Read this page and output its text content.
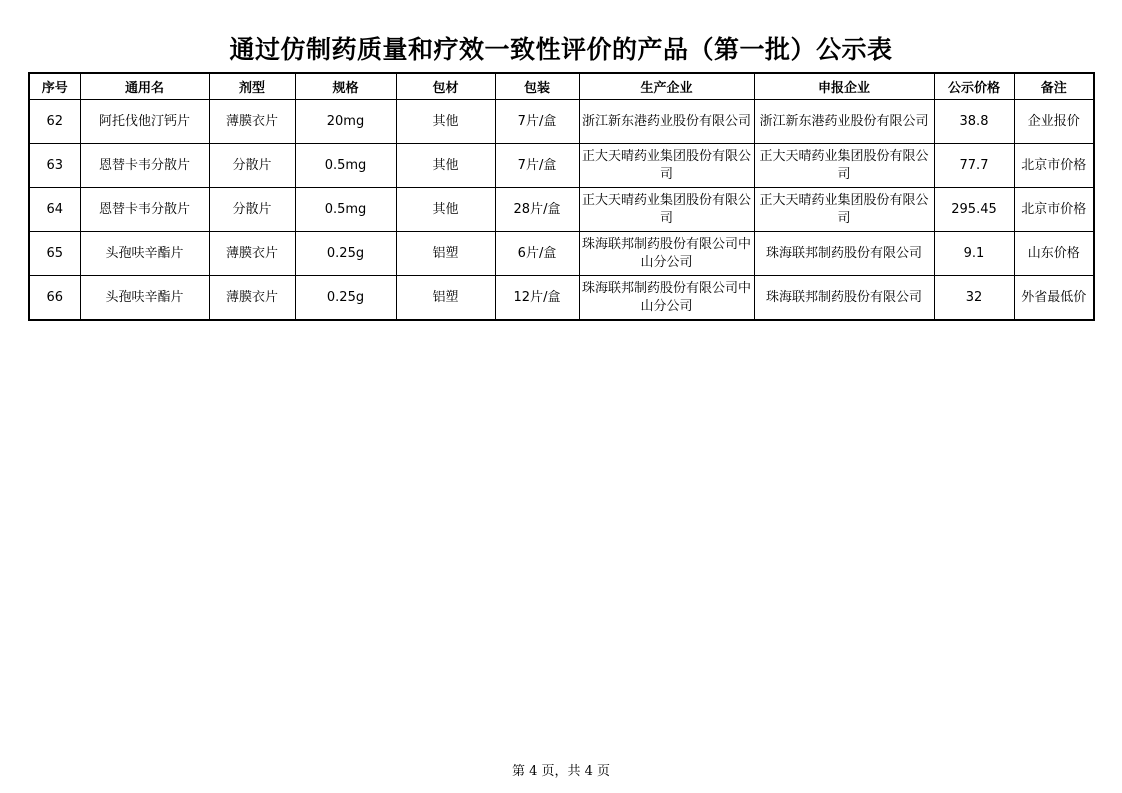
通过仿制药质量和疗效一致性评价的产品（第一批）公示表
序号	通用名	剂型	规格	包材	包装	生产企业	申报企业	公示价格	备注
62	阿托伐他汀钙片	薄膜衣片	20mg	其他	7片/盒	浙江新东港药业股份有限公司	浙江新东港药业股份有限公司	38.8	企业报价
63	恩替卡韦分散片	分散片	0.5mg	其他	7片/盒	正大天晴药业集团股份有限公司	正大天晴药业集团股份有限公司	77.7	北京市价格
64	恩替卡韦分散片	分散片	0.5mg	其他	28片/盒	正大天晴药业集团股份有限公司	正大天晴药业集团股份有限公司	295.45	北京市价格
65	头孢呋辛酯片	薄膜衣片	0.25g	铝塑	6片/盒	珠海联邦制药股份有限公司中山分公司	珠海联邦制药股份有限公司	9.1	山东价格
66	头孢呋辛酯片	薄膜衣片	0.25g	铝塑	12片/盒	珠海联邦制药股份有限公司中山分公司	珠海联邦制药股份有限公司	32	外省最低价
第 4 页，共 4 页
